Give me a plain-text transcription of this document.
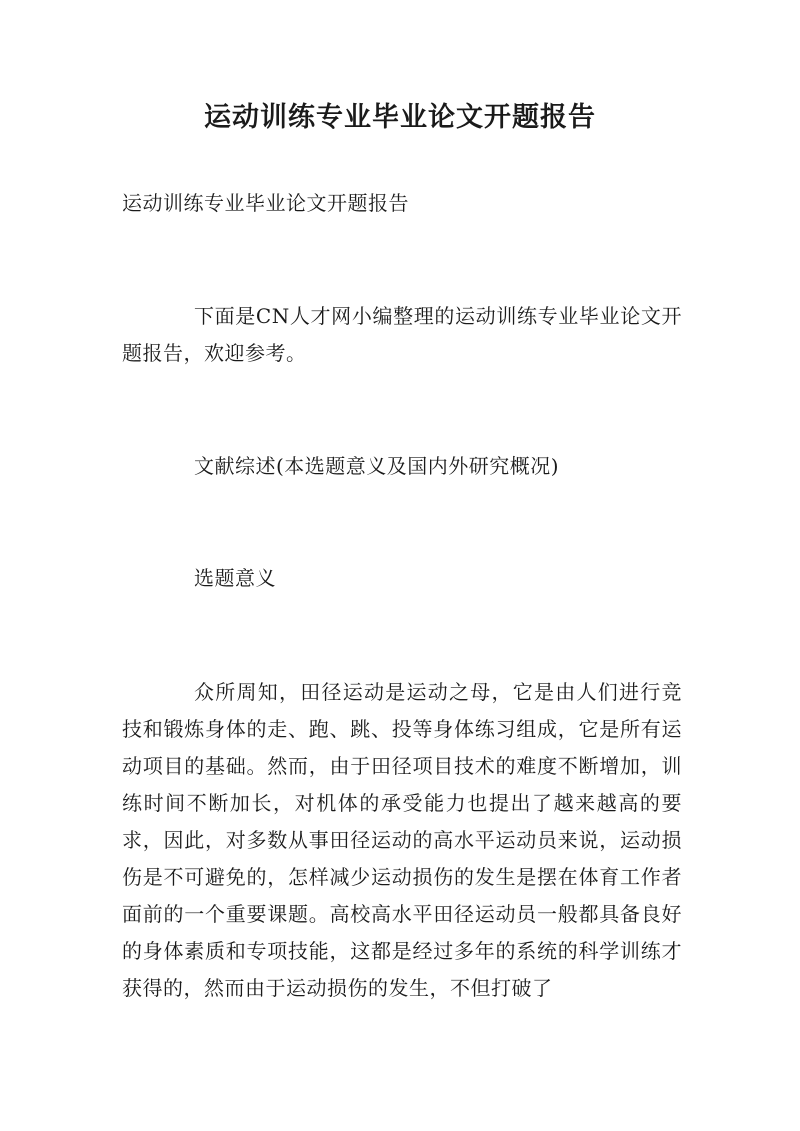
运动训练专业毕业论文开题报告

运动训练专业毕业论文开题报告

下面是CN人才网小编整理的运动训练专业毕业论文开题报告，欢迎参考。

文献综述(本选题意义及国内外研究概况)

选题意义

众所周知，田径运动是运动之母，它是由人们进行竞技和锻炼身体的走、跑、跳、投等身体练习组成，它是所有运动项目的基础。然而，由于田径项目技术的难度不断增加，训练时间不断加长，对机体的承受能力也提出了越来越高的要求，因此，对多数从事田径运动的高水平运动员来说，运动损伤是不可避免的，怎样减少运动损伤的发生是摆在体育工作者面前的一个重要课题。高校高水平田径运动员一般都具备良好的身体素质和专项技能，这都是经过多年的系统的科学训练才获得的，然而由于运动损伤的发生，不但打破了
